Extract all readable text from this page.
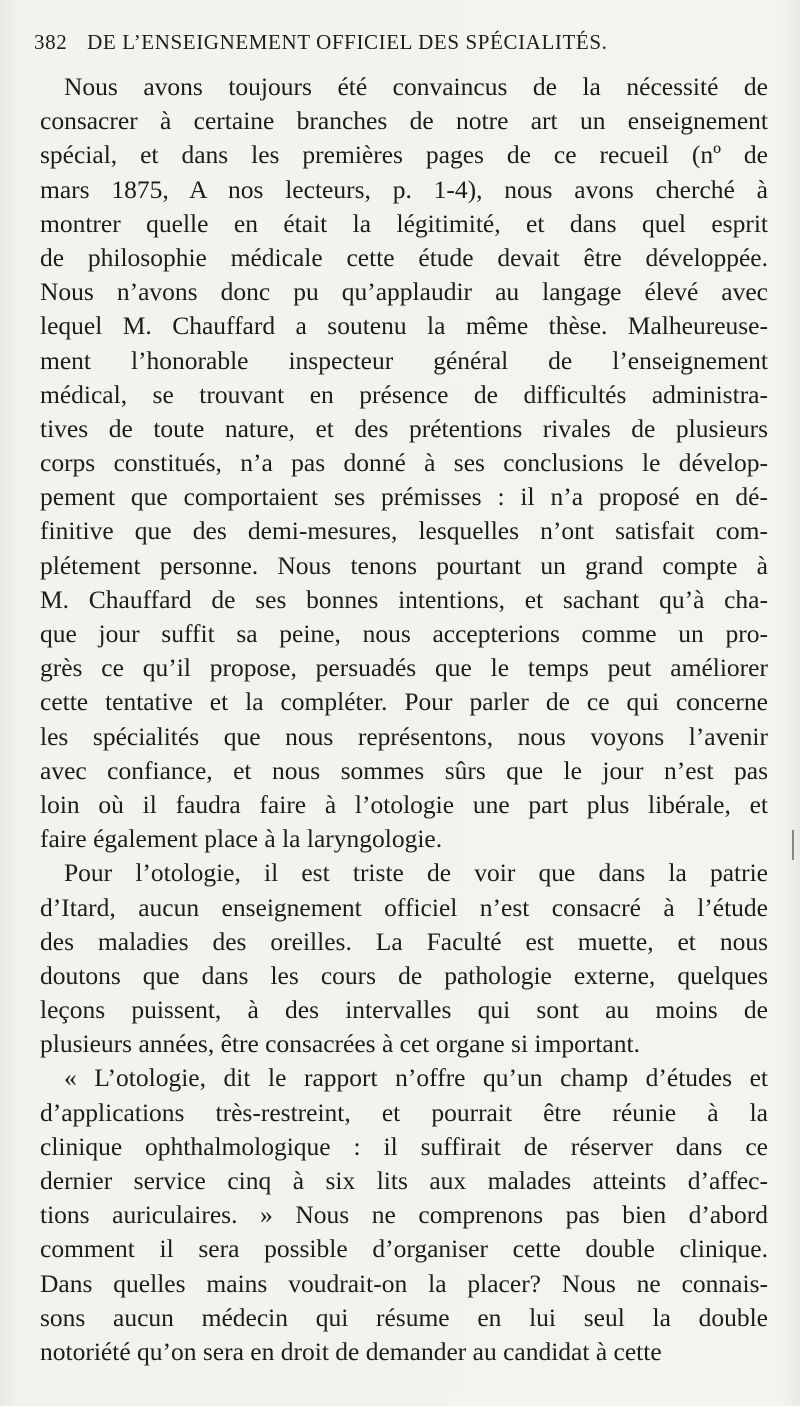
382 DE L’ENSEIGNEMENT OFFICIEL DES SPÉCIALITÉS.
Nous avons toujours été convaincus de la nécessité de
consacrer à certaine branches de notre art un enseignement
spécial, et dans les premières pages de ce recueil (nº de
mars 1875, A nos lecteurs, p. 1-4), nous avons cherché à
montrer quelle en était la légitimité, et dans quel esprit
de philosophie médicale cette étude devait être développée.
Nous n’avons donc pu qu’applaudir au langage élevé avec
lequel M. Chauffard a soutenu la même thèse. Malheureuse-
ment l’honorable inspecteur général de l’enseignement
médical, se trouvant en présence de difficultés administra-
tives de toute nature, et des prétentions rivales de plusieurs
corps constitués, n’a pas donné à ses conclusions le dévelop-
pement que comportaient ses prémisses : il n’a proposé en dé-
finitive que des demi-mesures, lesquelles n’ont satisfait com-
plétement personne. Nous tenons pourtant un grand compte à
M. Chauffard de ses bonnes intentions, et sachant qu’à cha-
que jour suffit sa peine, nous accepterions comme un pro-
grès ce qu’il propose, persuadés que le temps peut améliorer
cette tentative et la compléter. Pour parler de ce qui concerne
les spécialités que nous représentons, nous voyons l’avenir
avec confiance, et nous sommes sûrs que le jour n’est pas
loin où il faudra faire à l’otologie une part plus libérale, et
faire également place à la laryngologie.
Pour l’otologie, il est triste de voir que dans la patrie
d’Itard, aucun enseignement officiel n’est consacré à l’étude
des maladies des oreilles. La Faculté est muette, et nous
doutons que dans les cours de pathologie externe, quelques
leçons puissent, à des intervalles qui sont au moins de
plusieurs années, être consacrées à cet organe si important.
« L’otologie, dit le rapport n’offre qu’un champ d’études et
d’applications très-restreint, et pourrait être réunie à la
clinique ophthalmologique : il suffirait de réserver dans ce
dernier service cinq à six lits aux malades atteints d’affec-
tions auriculaires. » Nous ne comprenons pas bien d’abord
comment il sera possible d’organiser cette double clinique.
Dans quelles mains voudrait-on la placer? Nous ne connais-
sons aucun médecin qui résume en lui seul la double
notoriété qu’on sera en droit de demander au candidat à cette
